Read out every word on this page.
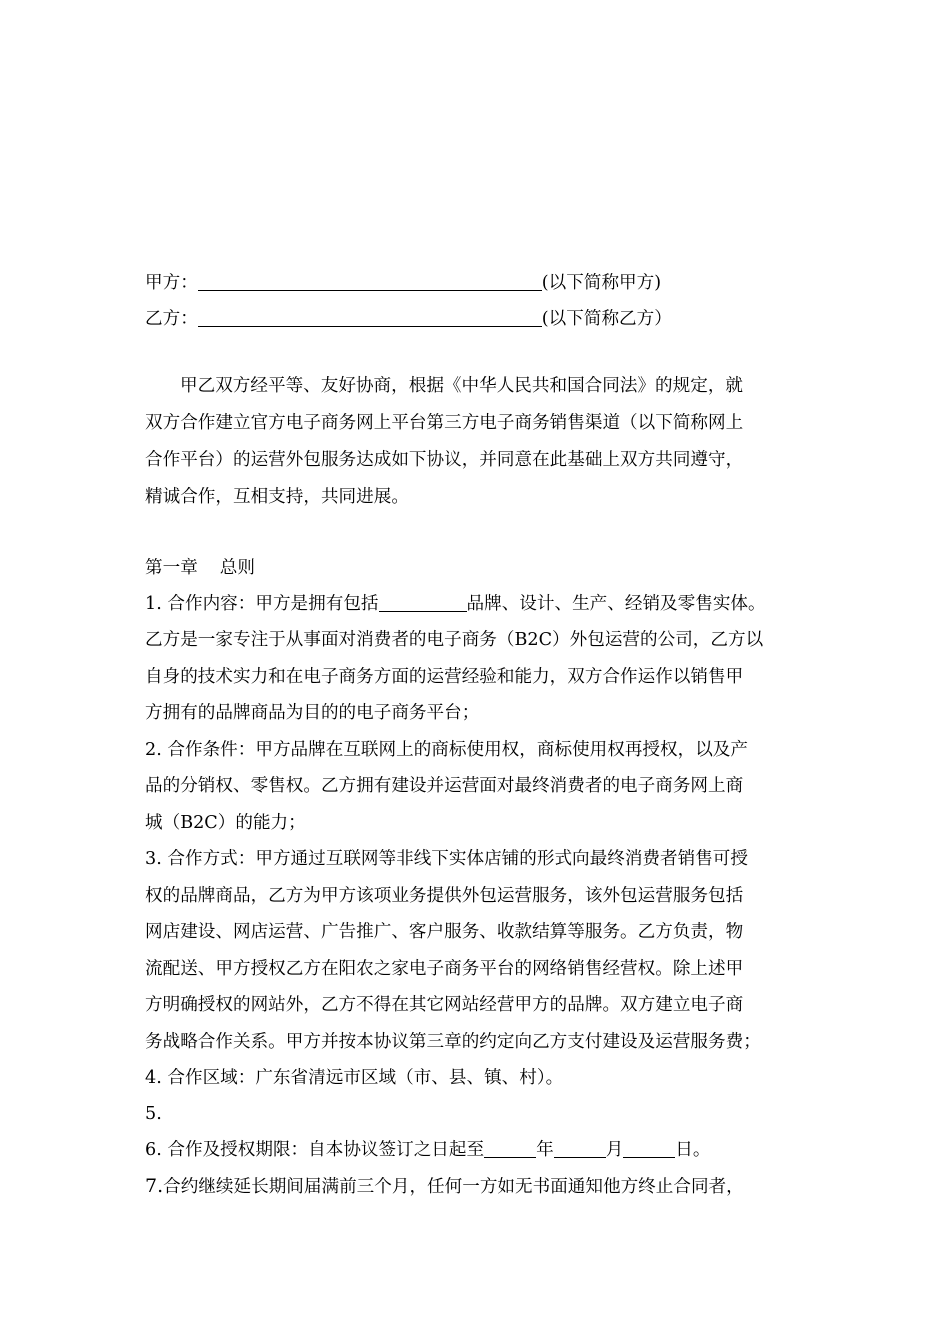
甲方：	(以下简称甲方)
乙方：	(以下简称乙方）
甲乙双方经平等、友好协商，根据《中华人民共和国合同法》的规定，就
双方合作建立官方电子商务网上平台第三方电子商务销售渠道（以下简称网上
合作平台）的运营外包服务达成如下协议，并同意在此基础上双方共同遵守，
精诚合作，互相支持，共同进展。
第一章 总则
1. 合作内容：甲方是拥有包括	品牌、设计、生产、经销及零售实体。
乙方是一家专注于从事面对消费者的电子商务（B2C）外包运营的公司，乙方以
自身的技术实力和在电子商务方面的运营经验和能力，双方合作运作以销售甲
方拥有的品牌商品为目的的电子商务平台；
2. 合作条件：甲方品牌在互联网上的商标使用权，商标使用权再授权，以及产
品的分销权、零售权。乙方拥有建设并运营面对最终消费者的电子商务网上商
城（B2C）的能力；
3. 合作方式：甲方通过互联网等非线下实体店铺的形式向最终消费者销售可授
权的品牌商品，乙方为甲方该项业务提供外包运营服务，该外包运营服务包括
网店建设、网店运营、广告推广、客户服务、收款结算等服务。乙方负责，物
流配送、甲方授权乙方在阳农之家电子商务平台的网络销售经营权。除上述甲
方明确授权的网站外，乙方不得在其它网站经营甲方的品牌。双方建立电子商
务战略合作关系。甲方并按本协议第三章的约定向乙方支付建设及运营服务费；
4. 合作区域：广东省清远市区域（市、县、镇、村）。
5.
6. 合作及授权期限：自本协议签订之日起至	年	月	日。
7.合约继续延长期间届满前三个月，任何一方如无书面通知他方终止合同者，
